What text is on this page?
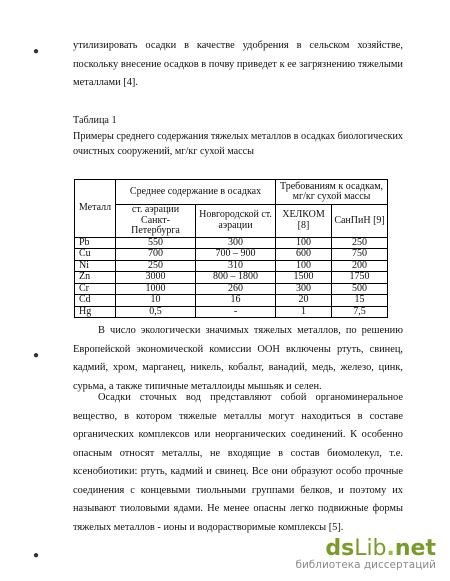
●
●
●

утилизировать осадки в качестве удобрения в сельском хозяйстве, поскольку внесение осадков в почву приведет к ее загрязнению тяжелыми металлами [4].

Таблица 1
Примеры среднего содержания тяжелых металлов в осадках биологических очистных сооружений, мг/кг сухой массы
Металл	Среднее содержание в осадках		Требованиям к осадкам, мг/кг сухой массы	
	ст. аэрации Санкт-Петербурга	Новгородской ст. аэрации	ХЕЛКОМ [8]	СанПиН [9]
Pb	550	300	100	250
Cu	700	700 – 900	600	750
Ni	250	310	100	200
Zn	3000	800 – 1800	1500	1750
Cr	1000	260	300	500
Cd	10	16	20	15
Hg	0,5	-	1	7,5

В число экологически значимых тяжелых металлов, по решению Европейской экономической комиссии ООН включены ртуть, свинец, кадмий, хром, марганец, никель, кобальт, ванадий, медь, железо, цинк, сурьма, а также типичные металлоиды мышьяк и селен.

Осадки сточных вод представляют собой органоминеральное вещество, в котором тяжелые металлы могут находиться в составе органических комплексов или неорганических соединений. К особенно опасным относят металлы, не входящие в состав биомолекул, т.е. ксенобиотики: ртуть, кадмий и свинец. Все они образуют особо прочные соединения с концевыми тиольными группами белков, и поэтому их называют тиоловыми ядами. Не менее опасны легко подвижные формы тяжелых металлов - ионы и водорастворимые комплексы [5].

ds Lib . net
библиотека диссертаций
